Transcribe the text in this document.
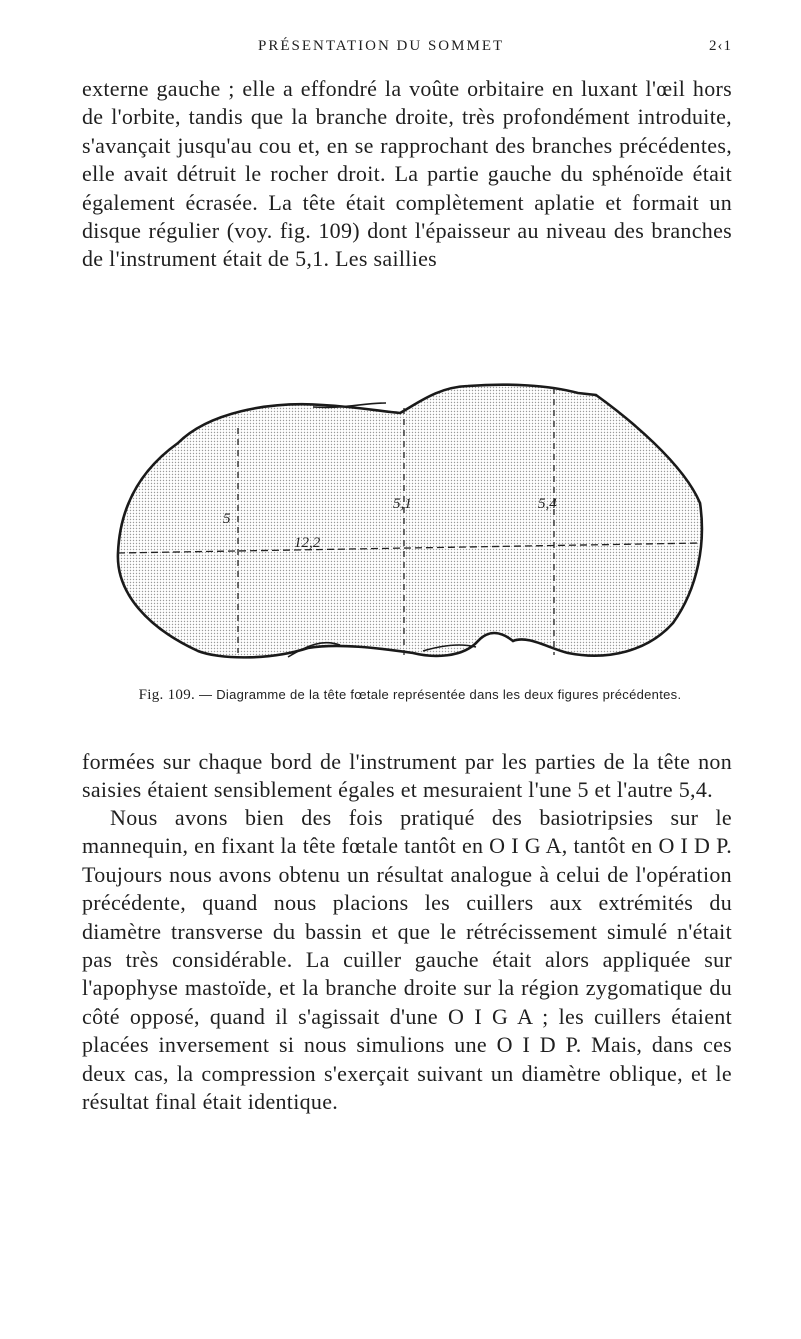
PRÉSENTATION DU SOMMET	2‹1

externe gauche ; elle a effondré la voûte orbitaire en luxant l'œil hors de l'orbite, tandis que la branche droite, très profondément introduite, s'avançait jusqu'au cou et, en se rapprochant des branches précédentes, elle avait détruit le rocher droit. La partie gauche du sphénoïde était également écrasée. La tête était complètement aplatie et formait un disque régulier (voy. fig. 109) dont l'épaisseur au niveau des branches de l'instrument était de 5,1. Les saillies

5
12,2
5,1	5,4
Fig. 109. — Diagramme de la tête fœtale représentée dans les deux figures précédentes.

formées sur chaque bord de l'instrument par les parties de la tête non saisies étaient sensiblement égales et mesuraient l'une 5 et l'autre 5,4.

Nous avons bien des fois pratiqué des basiotripsies sur le mannequin, en fixant la tête fœtale tantôt en O I G A, tantôt en O I D P. Toujours nous avons obtenu un résultat analogue à celui de l'opération précédente, quand nous placions les cuillers aux extrémités du diamètre transverse du bassin et que le rétrécissement simulé n'était pas très considérable. La cuiller gauche était alors appliquée sur l'apophyse mastoïde, et la branche droite sur la région zygomatique du côté opposé, quand il s'agissait d'une O I G A ; les cuillers étaient placées inversement si nous simulions une O I D P. Mais, dans ces deux cas, la compression s'exerçait suivant un diamètre oblique, et le résultat final était identique.
